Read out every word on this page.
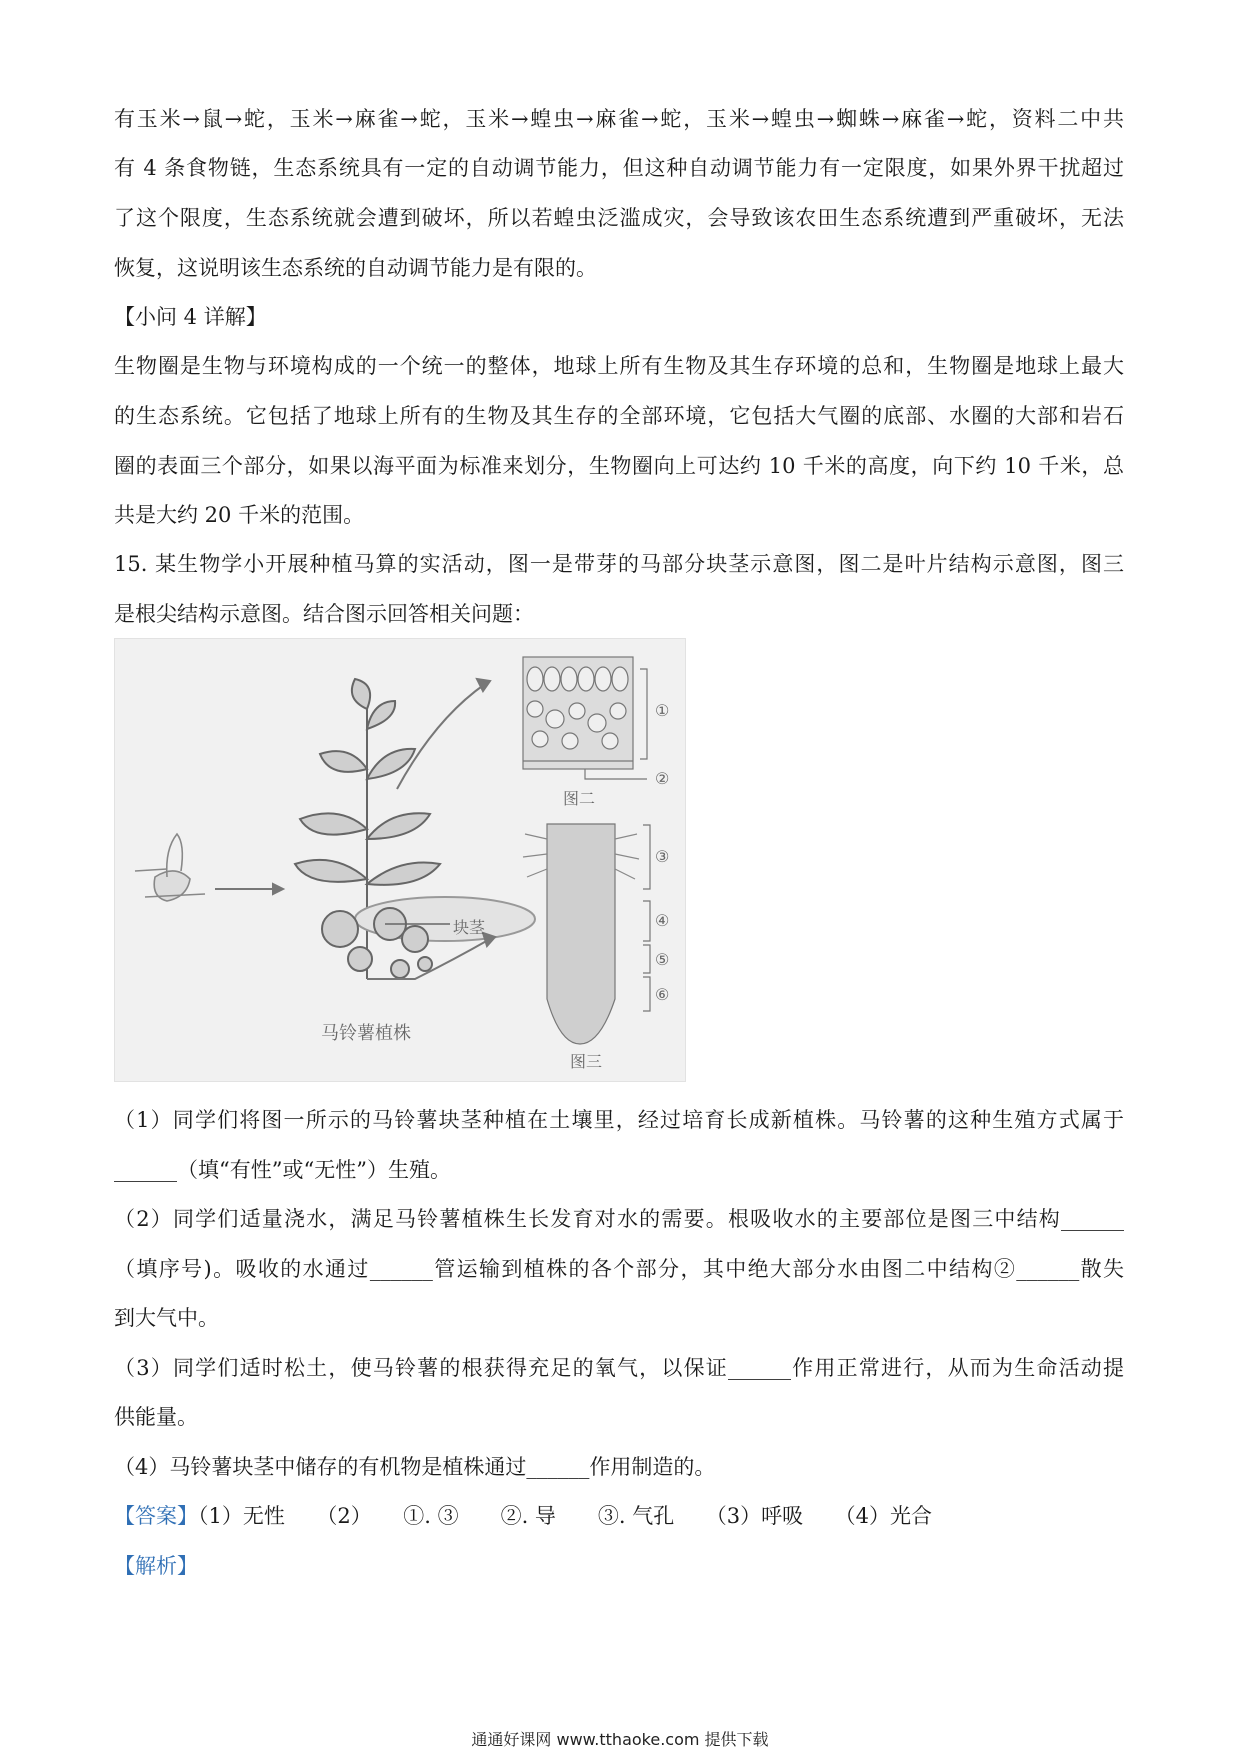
有玉米→鼠→蛇，玉米→麻雀→蛇，玉米→蝗虫→麻雀→蛇，玉米→蝗虫→蜘蛛→麻雀→蛇，资料二中共
有 4 条食物链，生态系统具有一定的自动调节能力，但这种自动调节能力有一定限度，如果外界干扰超过
了这个限度，生态系统就会遭到破坏，所以若蝗虫泛滥成灾，会导致该农田生态系统遭到严重破坏，无法
恢复，这说明该生态系统的自动调节能力是有限的。
【小问 4 详解】
生物圈是生物与环境构成的一个统一的整体，地球上所有生物及其生存环境的总和，生物圈是地球上最大
的生态系统。它包括了地球上所有的生物及其生存的全部环境，它包括大气圈的底部、水圈的大部和岩石
圈的表面三个部分，如果以海平面为标准来划分，生物圈向上可达约 10 千米的高度，向下约 10 千米，总
共是大约 20 千米的范围。
15. 某生物学小开展种植马算的实活动，图一是带芽的马部分块茎示意图，图二是叶片结构示意图，图三
是根尖结构示意图。结合图示回答相关问题：
块茎
马铃薯植株
图二
图三
①
②
③
④
⑤
⑥
（1）同学们将图一所示的马铃薯块茎种植在土壤里，经过培育长成新植株。马铃薯的这种生殖方式属于
______（填“有性”或“无性”）生殖。
（2）同学们适量浇水，满足马铃薯植株生长发育对水的需要。根吸收水的主要部位是图三中结构______
（填序号)。吸收的水通过______管运输到植株的各个部分，其中绝大部分水由图二中结构②______散失
到大气中。
（3）同学们适时松土，使马铃薯的根获得充足的氧气，以保证______作用正常进行，从而为生命活动提
供能量。
（4）马铃薯块茎中储存的有机物是植株通过______作用制造的。
【答案】（1）无性　　（2）　　①. ③　　②. 导　　③. 气孔　　（3）呼吸　　（4）光合
【解析】
通通好课网 www.tthaoke.com 提供下载
